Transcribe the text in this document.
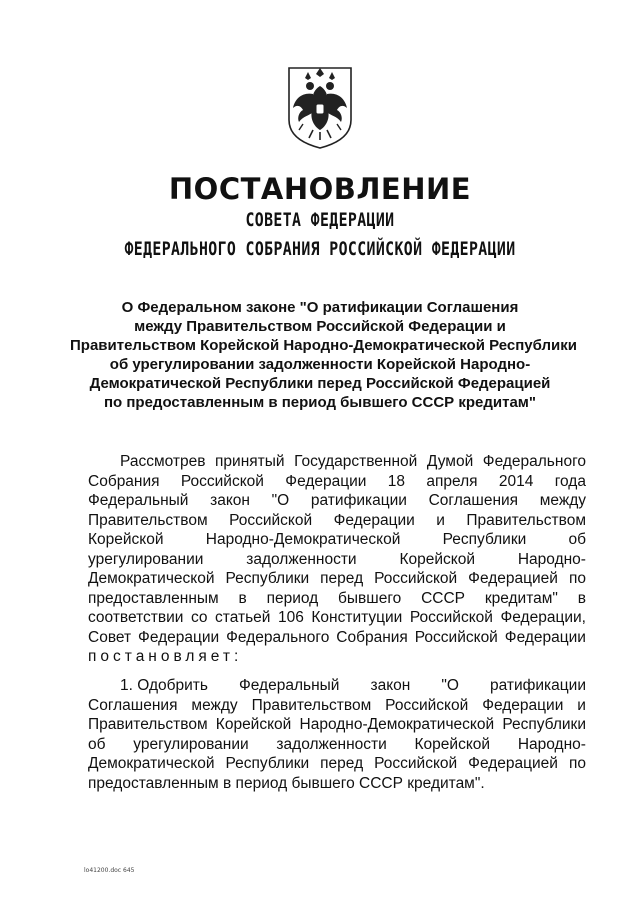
ПОСТАНОВЛЕНИЕ
СОВЕТА ФЕДЕРАЦИИ
ФЕДЕРАЛЬНОГО СОБРАНИЯ РОССИЙСКОЙ ФЕДЕРАЦИИ
О Федеральном законе "О ратификации Соглашения
между Правительством Российской Федерации и
Правительством Корейской Народно-Демократической Республики
об урегулировании задолженности Корейской Народно-
Демократической Республики перед Российской Федерацией
по предоставленным в период бывшего СССР кредитам"
Рассмотрев принятый Государственной Думой Федерального
Собрания Российской Федерации 18 апреля 2014 года
Федеральный закон "О ратификации Соглашения между
Правительством Российской Федерации и Правительством
Корейской	Народно-Демократической	Республики	об
урегулировании	задолженности	Корейской	Народно-
Демократической Республики перед Российской Федерацией по
предоставленным в период бывшего СССР кредитам" в
соответствии со статьей 106 Конституции Российской Федерации,
Совет Федерации Федерального Собрания Российской Федерации
постановляет:
1. Одобрить Федеральный закон "О ратификации
Соглашения между Правительством Российской Федерации и
Правительством Корейской Народно-Демократической Республики
об урегулировании задолженности Корейской Народно-
Демократической Республики перед Российской Федерацией по
предоставленным в период бывшего СССР кредитам".
lo41200.doc 645
